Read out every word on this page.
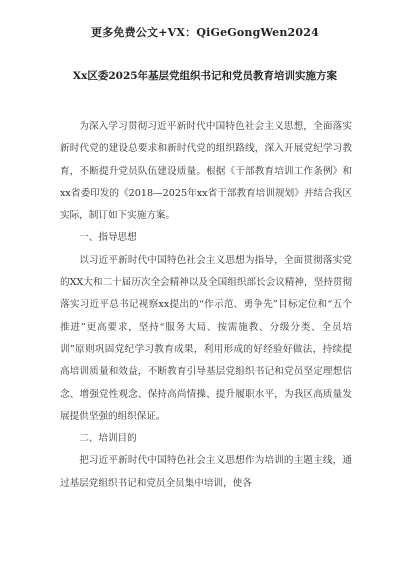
更多免费公文+VX：QiGeGongWen2024
Xx区委2025年基层党组织书记和党员教育培训实施方案

为深入学习贯彻习近平新时代中国特色社会主义思想，全面落实新时代党的建设总要求和新时代党的组织路线，深入开展党纪学习教育，不断提升党员队伍建设质量。根据《干部教育培训工作条例》和xx省委印发的《2018—2025年xx省干部教育培训规划》并结合我区实际，制订如下实施方案。

一、指导思想

以习近平新时代中国特色社会主义思想为指导，全面贯彻落实党的XX大和二十届历次全会精神以及全国组织部长会议精神，坚持贯彻落实习近平总书记视察xx提出的“作示范、勇争先”目标定位和“五个推进”更高要求，坚持“服务大局、按需施教、分级分类、全员培训”原则巩固党纪学习教育成果，利用形成的好经验好做法，持续提高培训质量和效益，不断教育引导基层党组织书记和党员坚定理想信念、增强党性观念、保持高尚情操、提升履职水平，为我区高质量发展提供坚强的组织保证。

二、培训目的

把习近平新时代中国特色社会主义思想作为培训的主题主线，通过基层党组织书记和党员全员集中培训，使各
